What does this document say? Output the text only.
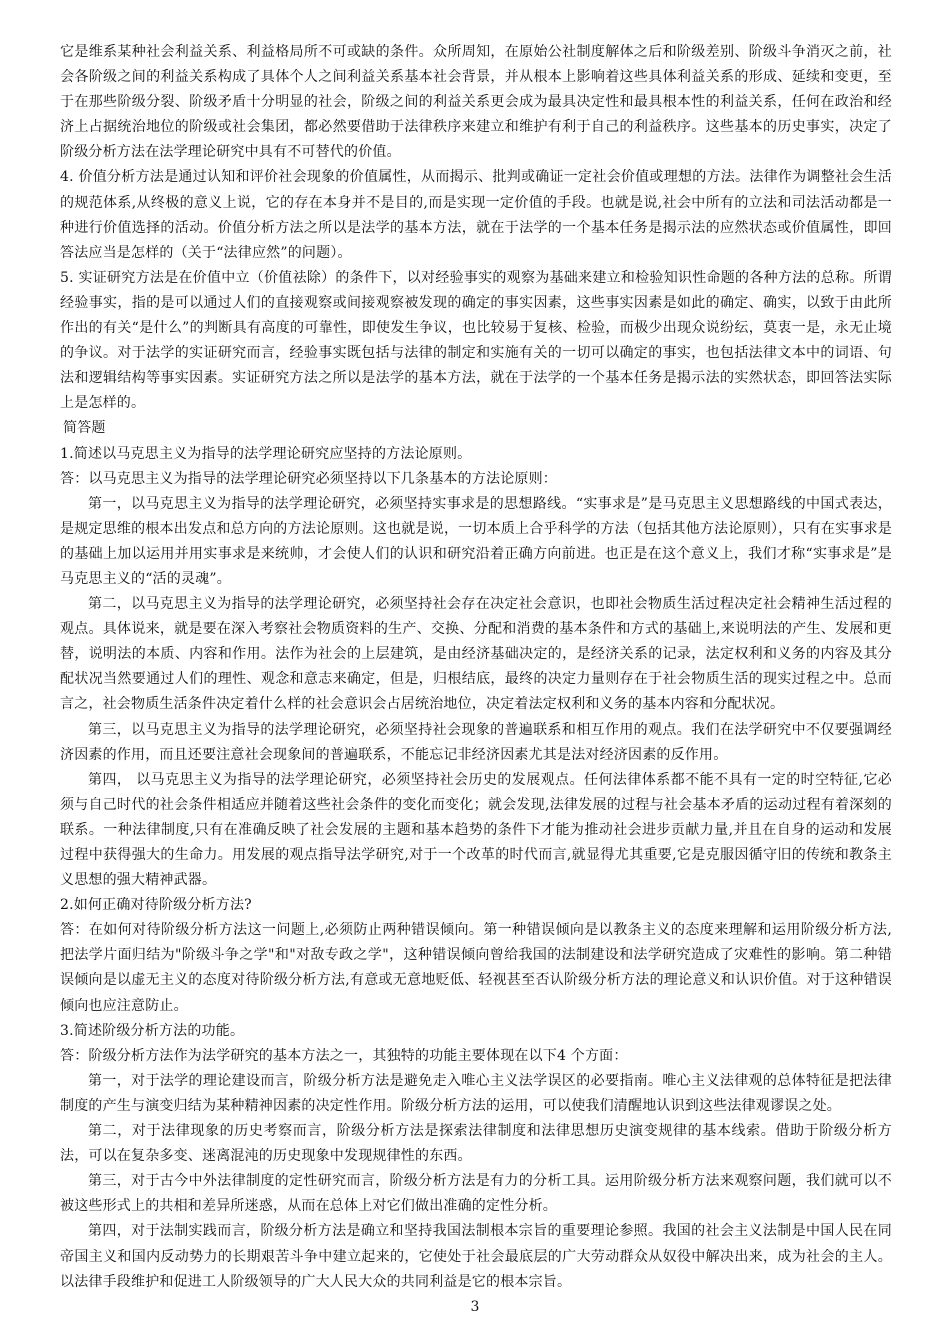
它是维系某种社会利益关系、利益格局所不可或缺的条件。众所周知，在原始公社制度解体之后和阶级差别、阶级斗争消灭之前，社会各阶级之间的利益关系构成了具体个人之间利益关系基本社会背景，并从根本上影响着这些具体利益关系的形成、延续和变更，至于在那些阶级分裂、阶级矛盾十分明显的社会，阶级之间的利益关系更会成为最具决定性和最具根本性的利益关系，任何在政治和经济上占据统治地位的阶级或社会集团，都必然要借助于法律秩序来建立和维护有利于自己的利益秩序。这些基本的历史事实，决定了阶级分析方法在法学理论研究中具有不可替代的价值。

4. 价值分析方法是通过认知和评价社会现象的价值属性，从而揭示、批判或确证一定社会价值或理想的方法。法律作为调整社会生活的规范体系,从终极的意义上说，它的存在本身并不是目的,而是实现一定价值的手段。也就是说,社会中所有的立法和司法活动都是一种进行价值选择的活动。价值分析方法之所以是法学的基本方法，就在于法学的一个基本任务是揭示法的应然状态或价值属性，即回答法应当是怎样的（关于“法律应然”的问题）。

5. 实证研究方法是在价值中立（价值祛除）的条件下，以对经验事实的观察为基础来建立和检验知识性命题的各种方法的总称。所谓经验事实，指的是可以通过人们的直接观察或间接观察被发现的确定的事实因素，这些事实因素是如此的确定、确实，以致于由此所作出的有关“是什么”的判断具有高度的可靠性，即使发生争议，也比较易于复核、检验，而极少出现众说纷纭，莫衷一是，永无止境的争议。对于法学的实证研究而言，经验事实既包括与法律的制定和实施有关的一切可以确定的事实，也包括法律文本中的词语、句法和逻辑结构等事实因素。实证研究方法之所以是法学的基本方法，就在于法学的一个基本任务是揭示法的实然状态，即回答法实际上是怎样的。

简答题

1.简述以马克思主义为指导的法学理论研究应坚持的方法论原则。

答：以马克思主义为指导的法学理论研究必须坚持以下几条基本的方法论原则：

第一，以马克思主义为指导的法学理论研究，必须坚持实事求是的思想路线。“实事求是”是马克思主义思想路线的中国式表达，是规定思维的根本出发点和总方向的方法论原则。这也就是说，一切本质上合乎科学的方法（包括其他方法论原则），只有在实事求是的基础上加以运用并用实事求是来统帅，才会使人们的认识和研究沿着正确方向前进。也正是在这个意义上，我们才称“实事求是”是马克思主义的“活的灵魂”。

第二，以马克思主义为指导的法学理论研究，必须坚持社会存在决定社会意识，也即社会物质生活过程决定社会精神生活过程的观点。具体说来，就是要在深入考察社会物质资料的生产、交换、分配和消费的基本条件和方式的基础上,来说明法的产生、发展和更替，说明法的本质、内容和作用。法作为社会的上层建筑，是由经济基础决定的，是经济关系的记录，法定权利和义务的内容及其分配状况当然要通过人们的理性、观念和意志来确定，但是，归根结底，最终的决定力量则存在于社会物质生活的现实过程之中。总而言之，社会物质生活条件决定着什么样的社会意识会占居统治地位，决定着法定权利和义务的基本内容和分配状况。

第三，以马克思主义为指导的法学理论研究，必须坚持社会现象的普遍联系和相互作用的观点。我们在法学研究中不仅要强调经济因素的作用，而且还要注意社会现象间的普遍联系，不能忘记非经济因素尤其是法对经济因素的反作用。

第四， 以马克思主义为指导的法学理论研究，必须坚持社会历史的发展观点。任何法律体系都不能不具有一定的时空特征,它必须与自己时代的社会条件相适应并随着这些社会条件的变化而变化；就会发现,法律发展的过程与社会基本矛盾的运动过程有着深刻的联系。一种法律制度,只有在准确反映了社会发展的主题和基本趋势的条件下才能为推动社会进步贡献力量,并且在自身的运动和发展过程中获得强大的生命力。用发展的观点指导法学研究,对于一个改革的时代而言,就显得尤其重要,它是克服因循守旧的传统和教条主义思想的强大精神武器。

2.如何正确对待阶级分析方法?

答：在如何对待阶级分析方法这一问题上,必须防止两种错误倾向。第一种错误倾向是以教条主义的态度来理解和运用阶级分析方法,把法学片面归结为"阶级斗争之学"和"对敌专政之学"，这种错误倾向曾给我国的法制建设和法学研究造成了灾难性的影响。第二种错误倾向是以虚无主义的态度对待阶级分析方法,有意或无意地贬低、轻视甚至否认阶级分析方法的理论意义和认识价值。对于这种错误倾向也应注意防止。

3.简述阶级分析方法的功能。

答：阶级分析方法作为法学研究的基本方法之一，其独特的功能主要体现在以下4 个方面：

第一，对于法学的理论建设而言，阶级分析方法是避免走入唯心主义法学误区的必要指南。唯心主义法律观的总体特征是把法律制度的产生与演变归结为某种精神因素的决定性作用。阶级分析方法的运用，可以使我们清醒地认识到这些法律观谬误之处。

第二，对于法律现象的历史考察而言，阶级分析方法是探索法律制度和法律思想历史演变规律的基本线索。借助于阶级分析方法，可以在复杂多变、迷离混沌的历史现象中发现规律性的东西。

第三，对于古今中外法律制度的定性研究而言，阶级分析方法是有力的分析工具。运用阶级分析方法来观察问题，我们就可以不被这些形式上的共相和差异所迷惑，从而在总体上对它们做出准确的定性分析。

第四，对于法制实践而言，阶级分析方法是确立和坚持我国法制根本宗旨的重要理论参照。我国的社会主义法制是中国人民在同帝国主义和国内反动势力的长期艰苦斗争中建立起来的，它使处于社会最底层的广大劳动群众从奴役中解决出来，成为社会的主人。以法律手段维护和促进工人阶级领导的广大人民大众的共同利益是它的根本宗旨。

3
